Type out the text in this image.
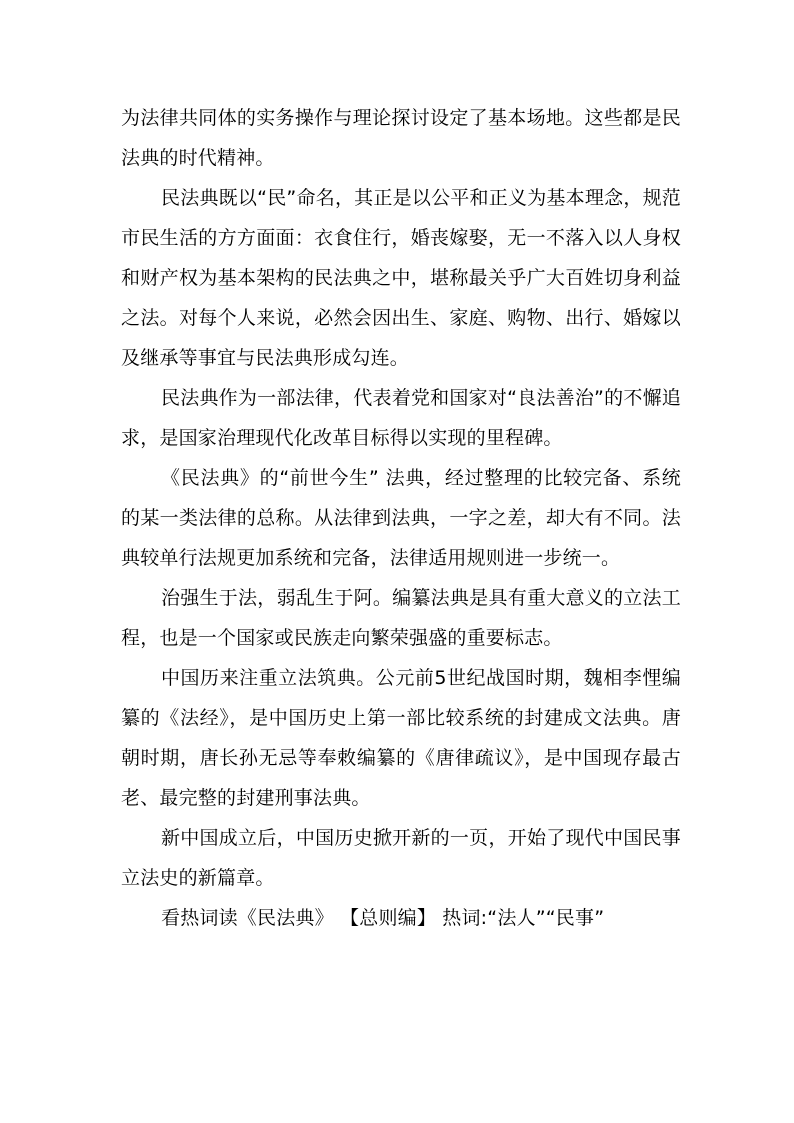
为法律共同体的实务操作与理论探讨设定了基本场地。这些都是民法典的时代精神。

民法典既以“民”命名，其正是以公平和正义为基本理念，规范市民生活的方方面面：衣食住行，婚丧嫁娶，无一不落入以人身权和财产权为基本架构的民法典之中，堪称最关乎广大百姓切身利益之法。对每个人来说，必然会因出生、家庭、购物、出行、婚嫁以及继承等事宜与民法典形成勾连。

民法典作为一部法律，代表着党和国家对“良法善治”的不懈追求，是国家治理现代化改革目标得以实现的里程碑。

《民法典》的“前世今生” 法典，经过整理的比较完备、系统的某一类法律的总称。从法律到法典，一字之差，却大有不同。法典较单行法规更加系统和完备，法律适用规则进一步统一。

治强生于法，弱乱生于阿。编纂法典是具有重大意义的立法工程，也是一个国家或民族走向繁荣强盛的重要标志。

中国历来注重立法筑典。公元前5世纪战国时期，魏相李悝编纂的《法经》，是中国历史上第一部比较系统的封建成文法典。唐朝时期，唐长孙无忌等奉敕编纂的《唐律疏议》，是中国现存最古老、最完整的封建刑事法典。

新中国成立后，中国历史掀开新的一页，开始了现代中国民事立法史的新篇章。

看热词读《民法典》 【总则编】 热词:“法人”“民事”
